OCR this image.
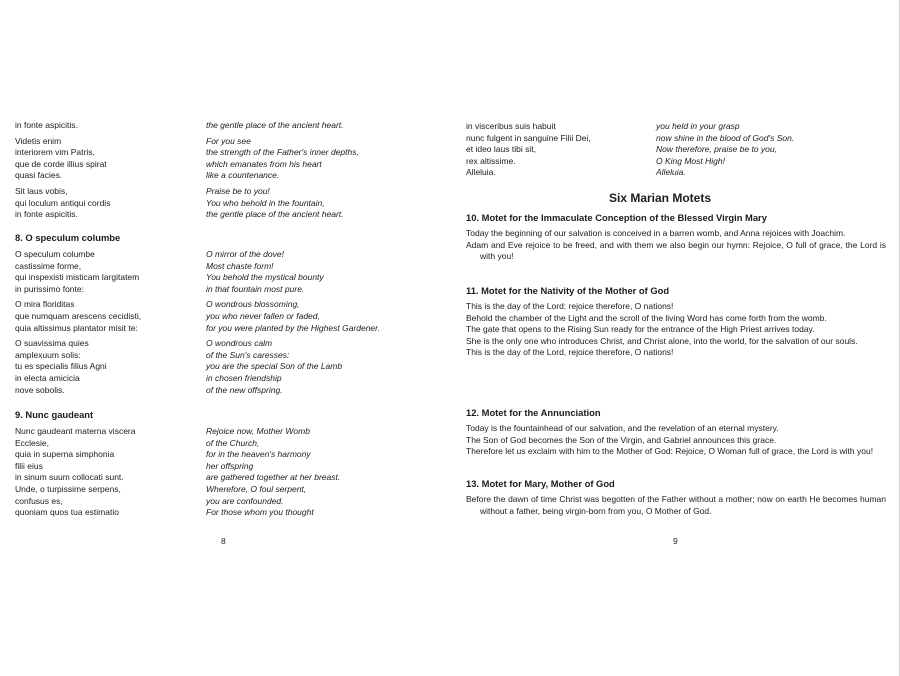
in fonte aspicitis.
Videtis enim
interiorem vim Patris,
que de corde illius spirat
quasi facies.
Sit laus vobis,
qui loculum antiqui cordis
in fonte aspicitis.
the gentle place of the ancient heart.
For you see
the strength of the Father's inner depths,
which emanates from his heart
like a countenance.
Praise be to you!
You who behold in the fountain,
the gentle place of the ancient heart.
8. O speculum columbe
O speculum columbe
castissime forme,
qui inspexisti misticam largitatem
in purissimo fonte:
O mira floriditas
que numquam arescens cecidisti,
quia altissimus plantator misit te:
O suavissima quies
amplexuum solis:
tu es specialis filius Agni
in electa amicicia
nove sobolis.
O mirror of the dove!
Most chaste form!
You behold the mystical bounty
in that fountain most pure.
O wondrous blossoming,
you who never fallen or faded,
for you were planted by the Highest Gardener.
O wondrous calm
of the Sun's caresses:
you are the special Son of the Lamb
in chosen friendship
of the new offspring.
9. Nunc gaudeant
Nunc gaudeant materna viscera
Ecclesie,
quia in superna simphonia
filii eius
in sinum suum collocati sunt.
Unde, o turpissime serpens,
confusus es,
quoniam quos tua estimatio
Rejoice now, Mother Womb
of the Church,
for in the heaven's harmony
her offspring
are gathered together at her breast.
Wherefore, O foul serpent,
you are confounded.
For those whom you thought
8
in visceribus suis habuit
nunc fulgent in sanguine Filii Dei,
et ideo laus tibi sit,
rex altissime.
Alleluia.
you held in your grasp
now shine in the blood of God's Son.
Now therefore, praise be to you,
O King Most High!
Alleluia.
Six Marian Motets
10. Motet for the Immaculate Conception of the Blessed Virgin Mary
Today the beginning of our salvation is conceived in a barren womb, and Anna rejoices with Joachim.
Adam and Eve rejoice to be freed, and with them we also begin our hymn: Rejoice, O full of grace, the Lord is with you!
11. Motet for the Nativity of the Mother of God
This is the day of the Lord: rejoice therefore, O nations!
Behold the chamber of the Light and the scroll of the living Word has come forth from the womb.
The gate that opens to the Rising Sun ready for the entrance of the High Priest arrives today.
She is the only one who introduces Christ, and Christ alone, into the world, for the salvation of our souls.
This is the day of the Lord, rejoice therefore, O nations!
12. Motet for the Annunciation
Today is the fountainhead of our salvation, and the revelation of an eternal mystery.
The Son of God becomes the Son of the Virgin, and Gabriel announces this grace.
Therefore let us exclaim with him to the Mother of God: Rejoice, O Woman full of grace, the Lord is with you!
13. Motet for Mary, Mother of God
Before the dawn of time Christ was begotten of the Father without a mother; now on earth He becomes human without a father, being virgin-born from you, O Mother of God.
9
